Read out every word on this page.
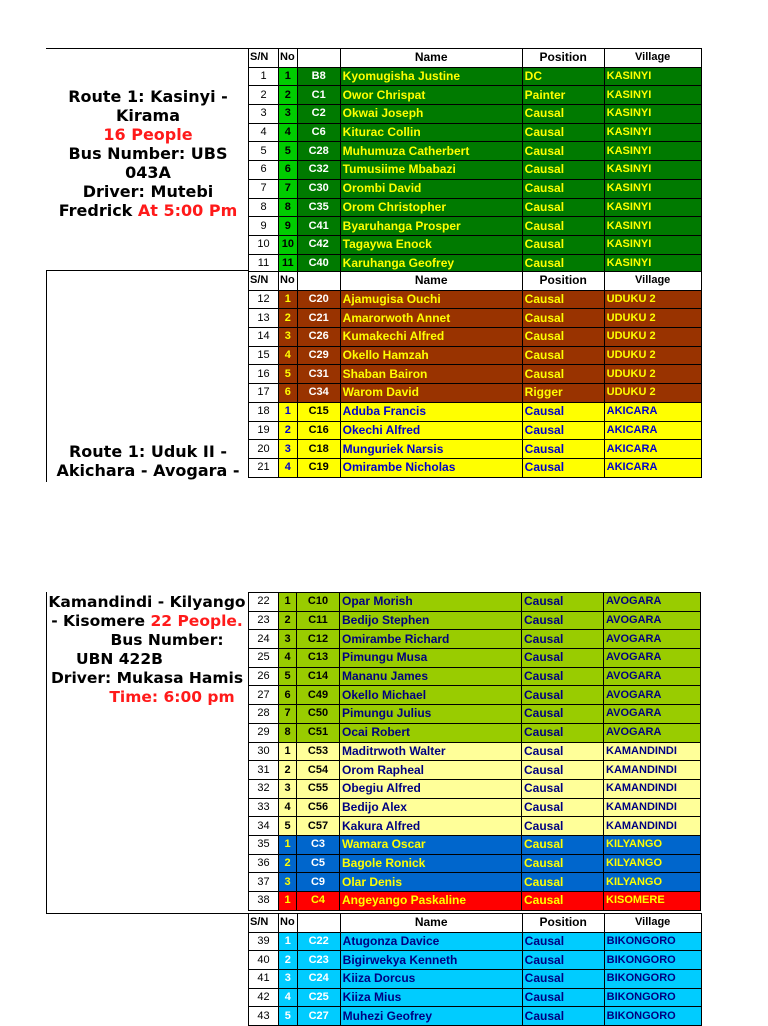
Route 1: Kasinyi -
Kirama
16 People
Bus Number: UBS
043A
Driver: Mutebi
Fredrick At 5:00 Pm
Route 1: Uduk II -
Akichara - Avogara -
Kamandindi - Kilyango
- Kisomere 22 People.
Bus Number:
UBN 422B
Driver: Mukasa Hamis
Time: 6:00 pm
S/N	No		Name	Position	Village
1	1	B8	Kyomugisha Justine	DC	KASINYI
2	2	C1	Owor Chrispat	Painter	KASINYI
3	3	C2	Okwai Joseph	Causal	KASINYI
4	4	C6	Kiturac Collin	Causal	KASINYI
5	5	C28	Muhumuza Catherbert	Causal	KASINYI
6	6	C32	Tumusiime Mbabazi	Causal	KASINYI
7	7	C30	Orombi David	Causal	KASINYI
8	8	C35	Orom Christopher	Causal	KASINYI
9	9	C41	Byaruhanga Prosper	Causal	KASINYI
10	10	C42	Tagaywa Enock	Causal	KASINYI
11	11	C40	Karuhanga Geofrey	Causal	KASINYI
S/N	No		Name	Position	Village
12	1	C20	Ajamugisa Ouchi	Causal	UDUKU 2
13	2	C21	Amarorwoth Annet	Causal	UDUKU 2
14	3	C26	Kumakechi Alfred	Causal	UDUKU 2
15	4	C29	Okello Hamzah	Causal	UDUKU 2
16	5	C31	Shaban Bairon	Causal	UDUKU 2
17	6	C34	Warom David	Rigger	UDUKU 2
18	1	C15	Aduba Francis	Causal	AKICARA
19	2	C16	Okechi Alfred	Causal	AKICARA
20	3	C18	Munguriek Narsis	Causal	AKICARA
21	4	C19	Omirambe Nicholas	Causal	AKICARA
22	1	C10	Opar Morish	Causal	AVOGARA
23	2	C11	Bedijo Stephen	Causal	AVOGARA
24	3	C12	Omirambe Richard	Causal	AVOGARA
25	4	C13	Pimungu Musa	Causal	AVOGARA
26	5	C14	Mananu James	Causal	AVOGARA
27	6	C49	Okello Michael	Causal	AVOGARA
28	7	C50	Pimungu Julius	Causal	AVOGARA
29	8	C51	Ocai Robert	Causal	AVOGARA
30	1	C53	Maditrwoth Walter	Causal	KAMANDINDI
31	2	C54	Orom Rapheal	Causal	KAMANDINDI
32	3	C55	Obegiu Alfred	Causal	KAMANDINDI
33	4	C56	Bedijo Alex	Causal	KAMANDINDI
34	5	C57	Kakura Alfred	Causal	KAMANDINDI
35	1	C3	Wamara Oscar	Causal	KILYANGO
36	2	C5	Bagole Ronick	Causal	KILYANGO
37	3	C9	Olar Denis	Causal	KILYANGO
38	1	C4	Angeyango Paskaline	Causal	KISOMERE
S/N	No		Name	Position	Village
39	1	C22	Atugonza Davice	Causal	BIKONGORO
40	2	C23	Bigirwekya Kenneth	Causal	BIKONGORO
41	3	C24	Kiiza Dorcus	Causal	BIKONGORO
42	4	C25	Kiiza Mius	Causal	BIKONGORO
43	5	C27	Muhezi Geofrey	Causal	BIKONGORO
